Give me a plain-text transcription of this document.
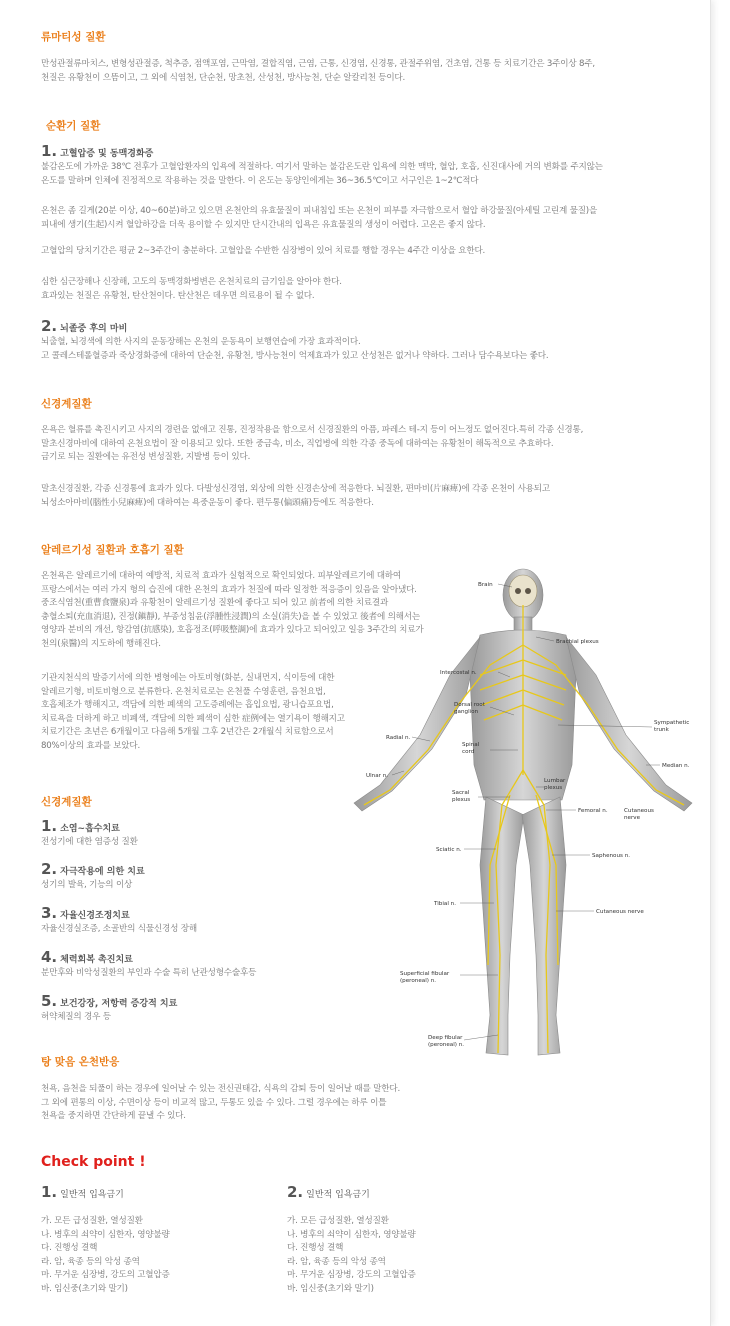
류마티성 질환
만성관절류마치스, 변형성관절증, 척추증, 점액포염, 근막염, 결합직염, 근염, 근통, 신경염, 신경통, 관절주위염, 건초염, 건통 등 치료기간은 3주이상 8주,
천질은 유황천이 으뜸이고, 그 외에 식염천, 단순천, 망초천, 산성천, 방사능천, 단순 알칼리천 등이다.
순환기 질환
1. 고혈압증 및 동맥경화증
불감온도에 가까운 38℃ 전후가 고혈압환자의 입욕에 적절하다. 여기서 말하는 불감온도란 입욕에 의한 맥박, 혈압, 호흡, 신진대사에 거의 변화를 주지않는
온도를 말하며 인체에 진정적으로 작용하는 것을 말한다. 이 온도는 동양인에게는 36~36.5℃이고 서구인은 1~2℃적다
온천은 좀 길게(20분 이상, 40~60분)하고 있으면 온천안의 유효물질이 피내침입 또는 온천이 피부를 자극함으로서 혈압 하강물질(아세틸 고린계 물질)을
피내에 생기(生起)시켜 혈압하강을 더욱 용이할 수 있지만 단시간내의 입욕은 유효물질의 생성이 어렵다. 고온은 좋지 않다.
고혈압의 당치기간은 평균 2~3주간이 충분하다. 고혈압을 수반한 심장병이 있어 치료를 행할 경우는 4주간 이상을 요한다.
심한 심근장해나 신장해, 고도의 동맥경화병변은 온천치료의 금기임을 알아야 한다.
효과있는 천질은 유황천, 탄산천이다. 탄산천은 데우면 의료용이 될 수 없다.
2. 뇌졸중 후의 마비
뇌출혈, 뇌경색에 의한 사지의 운동장해는 온천의 운동욕이 보행연습에 가장 효과적이다.
고 콜레스테롤혈증과 죽상경화증에 대하여 단순천, 유황천, 방사능천이 억제효과가 있고 산성천은 없거나 약하다. 그러나 담수욕보다는 좋다.
신경계질환
온욕은 혈류를 촉진시키고 사지의 경련을 없애고 진통, 진정작용을 함으로서 신경질환의 아픔, 파레스 테-지 등이 어느정도 없어진다.특히 각종 신경통,
말초신경마비에 대하여 온천요법이 잘 이용되고 있다. 또한 중금속, 비소, 직업병에 의한 각종 중독에 대하여는 유황천이 해독적으로 추효하다.
금기로 되는 질환에는 유전성 변성질환, 지발병 등이 있다.
말초신경질환, 각종 신경통에 효과가 있다. 다발성신경염, 외상에 의한 신경손상에 적응한다. 뇌질환, 편마비(片麻痺)에 각종 온천이 사용되고
뇌성소아마비(腦性小兒麻痺)에 대하여는 욕중운동이 좋다. 편두통(偏頭痛)등에도 적응한다.
알레르기성 질환과 호흡기 질환
온천욕은 알레르기에 대하여 예방적, 치료적 효과가 실험적으로 확인되었다. 피부알레르기에 대하여
프랑스에서는 여러 가지 형의 습진에 대한 온천의 효과가 천질에 따라 일정한 적응증이 있음을 알아냈다.
중조식염천(重曹食鹽泉)과 유황천이 알레르기성 질환에 좋다고 되어 있고 前者에 의한 치료결과
충혈소퇴(充血消退), 진정(鎭靜), 부종성침윤(浮腫性浸潤)의 소실(消失)을 볼 수 있었고 後者에 의해서는
영양과 분비의 개선, 항감염(抗感染), 호흡정조(呼吸整調)에 효과가 있다고 되어있고 일응 3주간의 치료가
천의(泉醫)의 지도하에 행해진다.
기관지천식의 발증기서에 의한 병형에는 아토비형(화분, 실내먼지, 식이등에 대한
알레르기형, 비토비형으로 분류한다. 온천치료로는 온천풀 수영훈련, 음천요법,
호흡체조가 행해지고, 객담에 의한 폐색의 고도증례에는 흡입요법, 광니습포요법,
치료욕을 더하게 하고 비폐색, 객담에 의한 폐색이 심한 症例에는 열기욕이 행해지고
치료기간은 초년은 6개월이고 다음해 5개월 그후 2년간은 2개월식 치료함으로서
80%이상의 효과를 보았다.
신경계질환
1. 소염~흡수치료
전성기에 대한 염증성 질환
2. 자극작용에 의한 치료
성기의 발육, 기능의 이상
3. 자율신경조정치료
자율신경실조증, 소골반의 식물신경성 장해
4. 체력회복 촉진치료
분만후와 비악성질환의 부인과 수술 특히 난관성형수술후등
5. 보건강장, 저항력 증강적 치료
허약체질의 경우 등
탕 맞음 온천반응
천욕, 음천을 되풀이 하는 경우에 일어날 수 있는 전신권태감, 식욕의 감퇴 등이 일어날 때를 말한다.
그 외에 편통의 이상, 수면이상 등이 비교적 많고, 두통도 있을 수 있다. 그럴 경우에는 하루 이틀
천욕을 중지하면 간단하게 끝낼 수 있다.
Check point !
1. 일반적 입욕금기
가. 모든 급성질환, 열성질환
나. 병후의 쇠약이 심한자, 영양불량
다. 진행성 결핵
라. 암, 육종 등의 악성 종역
마. 무거운 심장병, 강도의 고혈압증
바. 임신중(초기와 말기)
2. 일반적 입욕금기
가. 모든 급성질환, 열성질환
나. 병후의 쇠약이 심한자, 영양불량
다. 진행성 결핵
라. 암, 육종 등의 악성 종역
마. 무거운 심장병, 강도의 고혈압증
바. 임신중(초기와 말기)
Brain
Brachial plexus
Intercostal n.
Dorsal root
ganglion
Radial n.
Spinal
cord
Sympathetic
trunk
Median n.
Lumbar
plexus
Ulnar n.
Sacral
plexus
Femoral n.	Cutaneous
nerve
Sciatic n.
Saphenous n.
Tibial n.
Cutaneous nerve
Superficial fibular
(peroneal) n.
Deep fibular
(peroneal) n.
